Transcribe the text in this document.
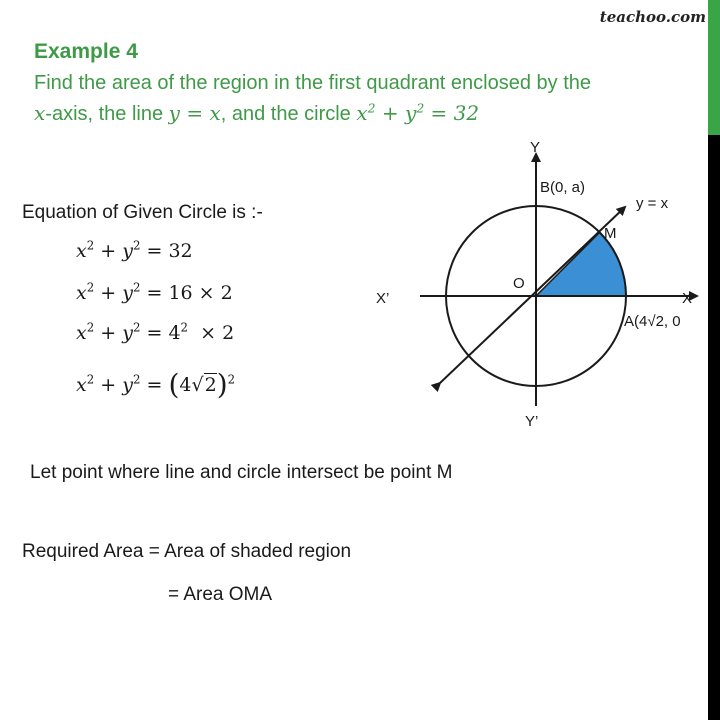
teachoo.com
Example 4
Find the area of the region in the first quadrant enclosed by the
x-axis, the line y = x, and the circle $x^2 + y^2 = 32$
Equation of Given Circle is :-
$x^2 + y^2 = 32$
$x^2 + y^2 = 16 \times 2$
$x^2 + y^2 = 4^2 \times 2$
$x^2 + y^2 = (4√2)^2$
Let point where line and circle intersect be point M
Required Area = Area of shaded region
= Area OMA
Y
Y’
X
X’
O
B(0, a)
M
y = x
A(4√2, 0
